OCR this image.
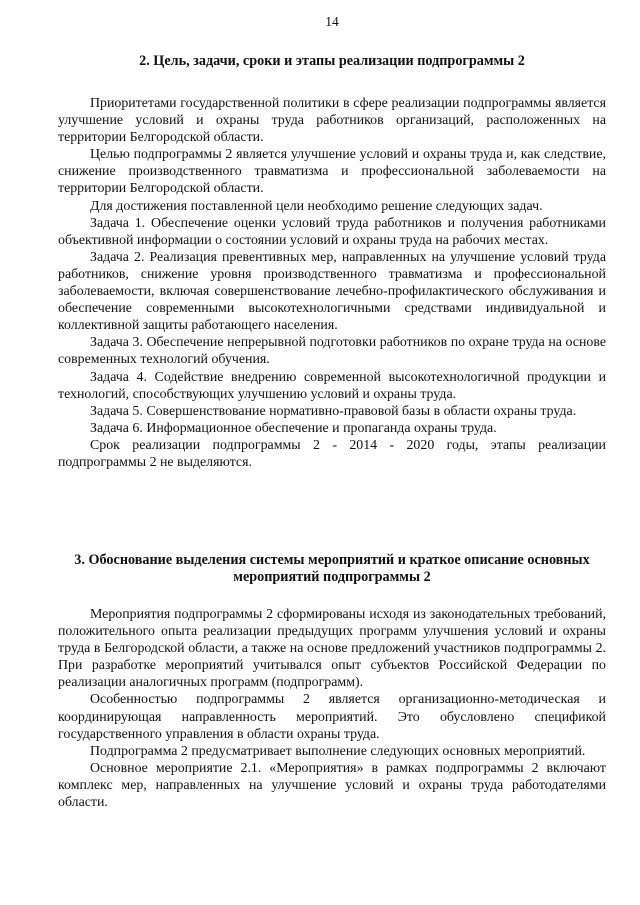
14
2. Цель, задачи, сроки и этапы реализации подпрограммы 2

Приоритетами государственной политики в сфере реализации подпрограммы является улучшение условий и охраны труда работников организаций, расположенных на территории Белгородской области.

Целью подпрограммы 2 является улучшение условий и охраны труда и, как следствие, снижение производственного травматизма и профессиональной заболеваемости на территории Белгородской области.

Для достижения поставленной цели необходимо решение следующих задач.

Задача 1. Обеспечение оценки условий труда работников и получения работниками объективной информации о состоянии условий и охраны труда на рабочих местах.

Задача 2. Реализация превентивных мер, направленных на улучшение условий труда работников, снижение уровня производственного травматизма и профессиональной заболеваемости, включая совершенствование лечебно-профилактического обслуживания и обеспечение современными высокотехнологичными средствами индивидуальной и коллективной защиты работающего населения.

Задача 3. Обеспечение непрерывной подготовки работников по охране труда на основе современных технологий обучения.

Задача 4. Содействие внедрению современной высокотехнологичной продукции и технологий, способствующих улучшению условий и охраны труда.

Задача 5. Совершенствование нормативно-правовой базы в области охраны труда.

Задача 6. Информационное обеспечение и пропаганда охраны труда.

Срок реализации подпрограммы 2 - 2014 - 2020 годы, этапы реализации подпрограммы 2 не выделяются.

3. Обоснование выделения системы мероприятий и краткое описание основных мероприятий подпрограммы 2

Мероприятия подпрограммы 2 сформированы исходя из законодательных требований, положительного опыта реализации предыдущих программ улучшения условий и охраны труда в Белгородской области, а также на основе предложений участников подпрограммы 2. При разработке мероприятий учитывался опыт субъектов Российской Федерации по реализации аналогичных программ (подпрограмм).

Особенностью подпрограммы 2 является организационно-методическая и координирующая направленность мероприятий. Это обусловлено спецификой государственного управления в области охраны труда.

Подпрограмма 2 предусматривает выполнение следующих основных мероприятий.

Основное мероприятие 2.1. «Мероприятия» в рамках подпрограммы 2 включают комплекс мер, направленных на улучшение условий и охраны труда работодателями области.
